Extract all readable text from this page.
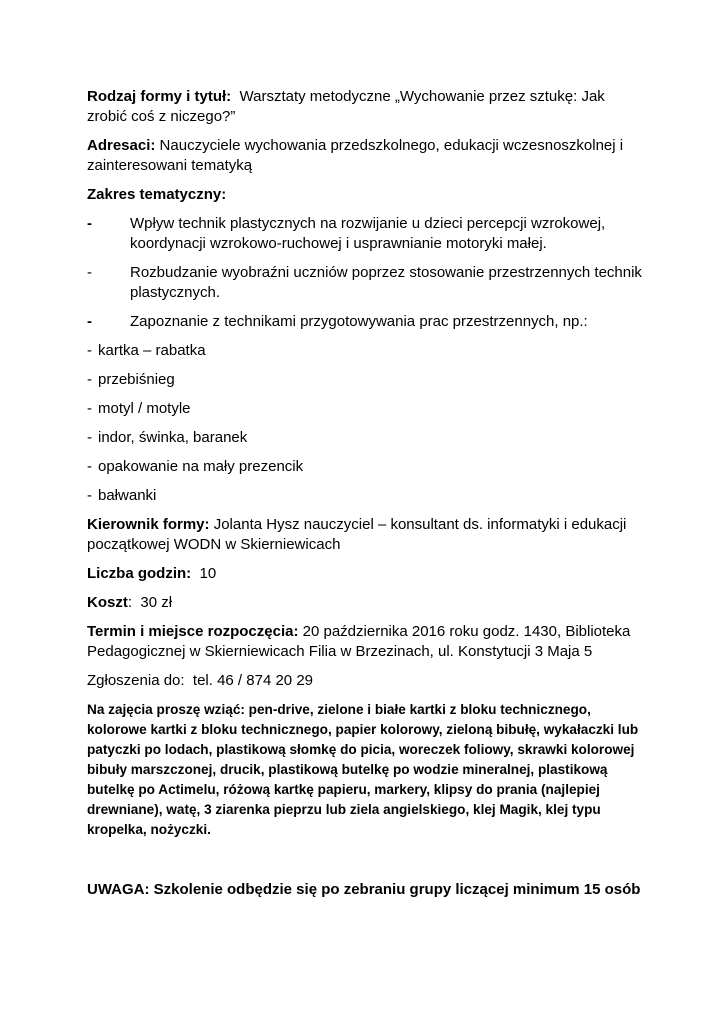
Rodzaj formy i tytuł: Warsztaty metodyczne „Wychowanie przez sztukę: Jak zrobić coś z niczego?”

Adresaci: Nauczyciele wychowania przedszkolnego, edukacji wczesnoszkolnej i zainteresowani tematyką

Zakres tematyczny:

-	Wpływ technik plastycznych na rozwijanie u dzieci percepcji wzrokowej, koordynacji wzrokowo-ruchowej i usprawnianie motoryki małej.

-	Rozbudzanie wyobraźni uczniów poprzez stosowanie przestrzennych technik plastycznych.

-	Zapoznanie z technikami przygotowywania prac przestrzennych, np.:

- kartka – rabatka

- przebiśnieg

- motyl / motyle

- indor, świnka, baranek

- opakowanie na mały prezencik

- bałwanki

Kierownik formy: Jolanta Hysz nauczyciel – konsultant ds. informatyki i edukacji początkowej WODN w Skierniewicach

Liczba godzin: 10

Koszt: 30 zł

Termin i miejsce rozpoczęcia: 20 października 2016 roku godz. 1430, Biblioteka Pedagogicznej w Skierniewicach Filia w Brzezinach, ul. Konstytucji 3 Maja 5

Zgłoszenia do: tel. 46 / 874 20 29

Na zajęcia proszę wziąć: pen-drive, zielone i białe kartki z bloku technicznego, kolorowe kartki z bloku technicznego, papier kolorowy, zieloną bibułę, wykałaczki lub patyczki po lodach, plastikową słomkę do picia, woreczek foliowy, skrawki kolorowej bibuły marszczonej, drucik, plastikową butelkę po wodzie mineralnej, plastikową butelkę po Actimelu, różową kartkę papieru, markery, klipsy do prania (najlepiej drewniane), watę, 3 ziarenka pieprzu lub ziela angielskiego, klej Magik, klej typu kropelka, nożyczki.

UWAGA: Szkolenie odbędzie się po zebraniu grupy liczącej minimum 15 osób
